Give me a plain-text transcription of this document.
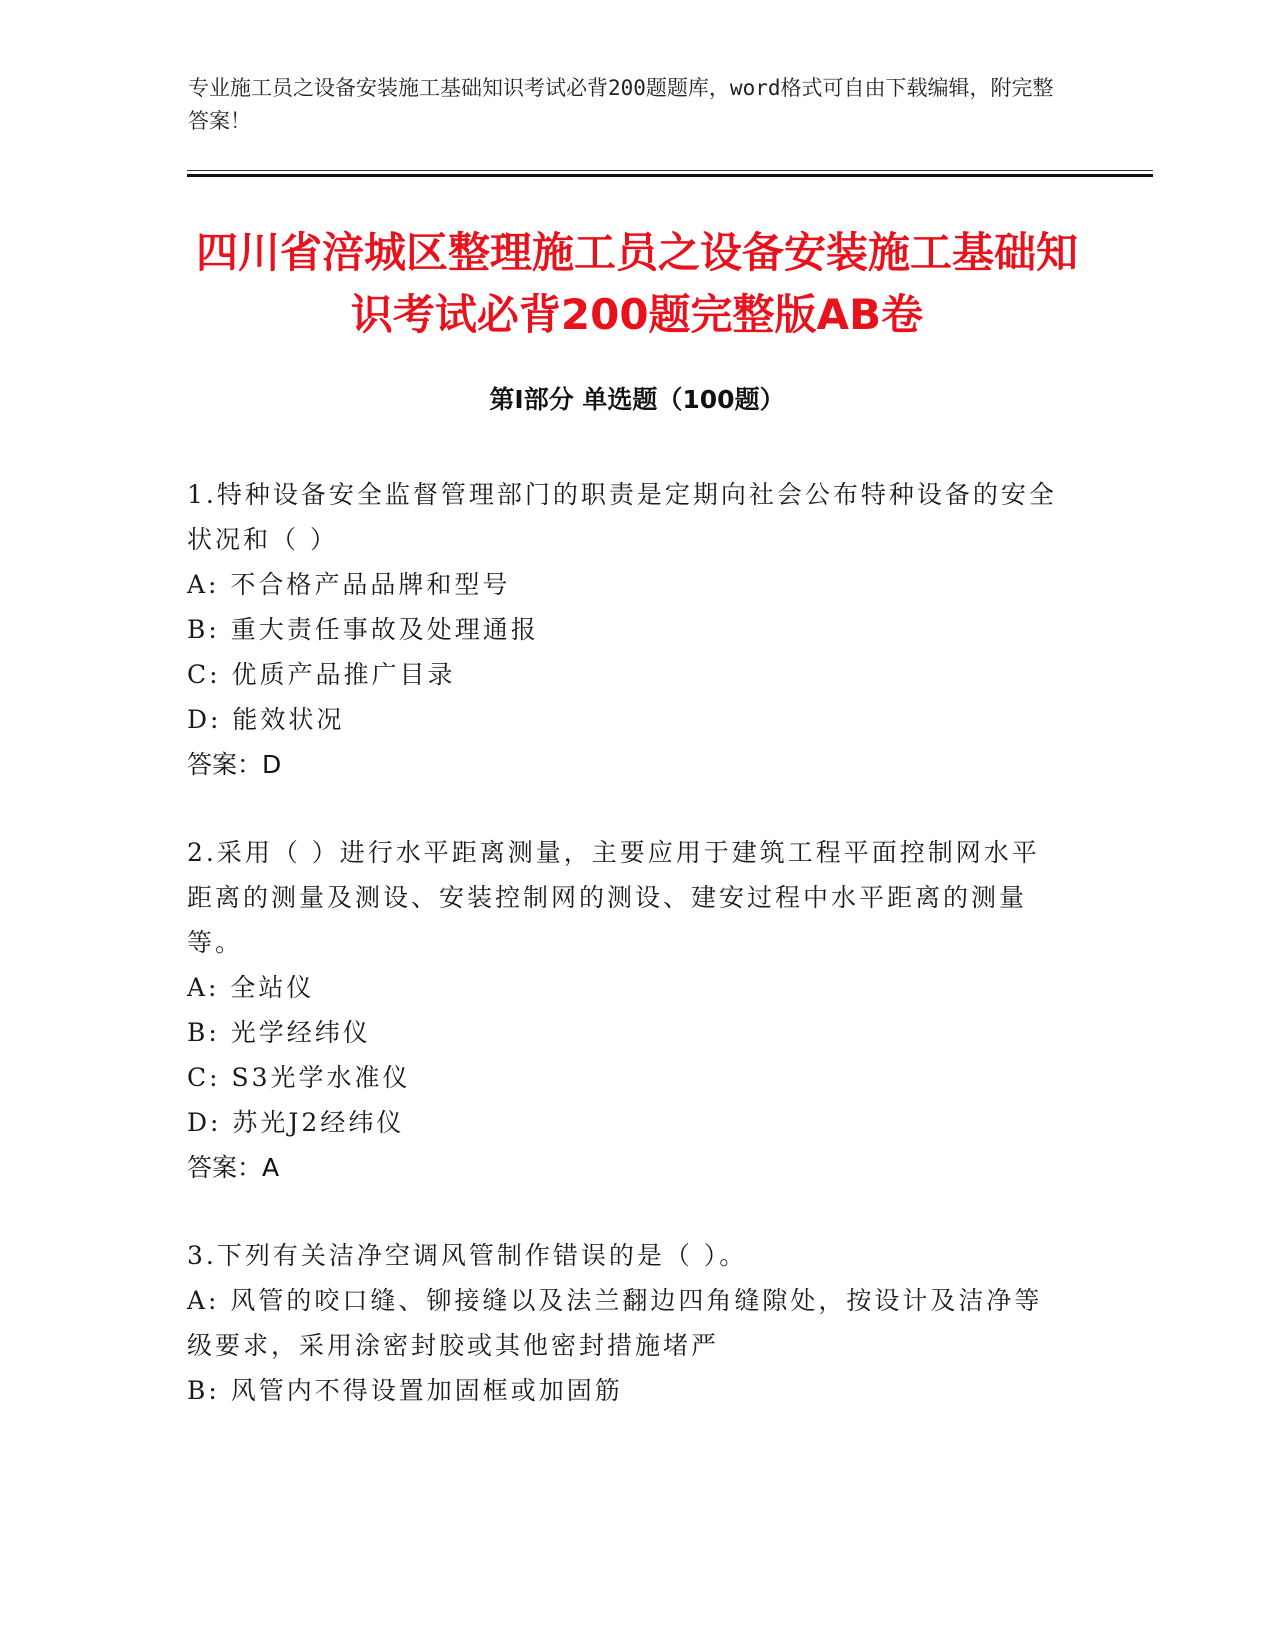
专业施工员之设备安装施工基础知识考试必背200题题库，word格式可自由下载编辑，附完整答案！
四川省涪城区整理施工员之设备安装施工基础知识考试必背200题完整版AB卷
第I部分 单选题（100题）

1.特种设备安全监督管理部门的职责是定期向社会公布特种设备的安全状况和（ ）

A: 不合格产品品牌和型号

B: 重大责任事故及处理通报

C: 优质产品推广目录

D: 能效状况

答案：D

2.采用（ ）进行水平距离测量，主要应用于建筑工程平面控制网水平距离的测量及测设、安装控制网的测设、建安过程中水平距离的测量等。

A: 全站仪

B: 光学经纬仪

C: S3光学水准仪

D: 苏光J2经纬仪

答案：A

3.下列有关洁净空调风管制作错误的是（ ）。

A: 风管的咬口缝、铆接缝以及法兰翻边四角缝隙处，按设计及洁净等级要求，采用涂密封胶或其他密封措施堵严

B: 风管内不得设置加固框或加固筋
